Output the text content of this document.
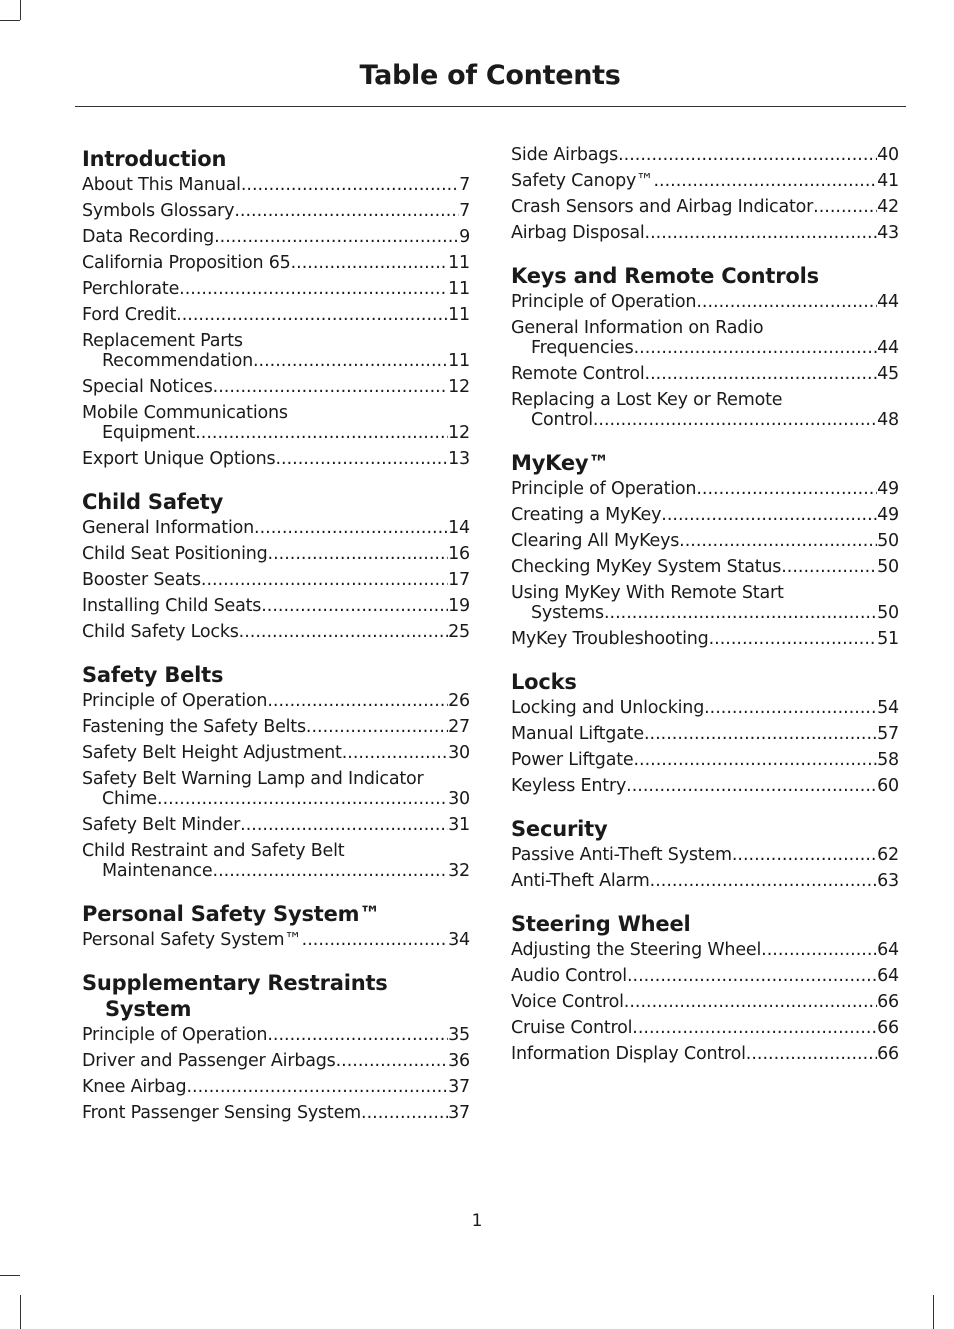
Table of Contents
Introduction
About This Manual .....	7
Symbols Glossary .....	7
Data Recording .....	9
California Proposition 65 .....	11
Perchlorate .....	11
Ford Credit .....	11
Replacement Parts
Recommendation .....	11
Special Notices .....	12
Mobile Communications
Equipment .....	12
Export Unique Options .....	13
Child Safety
General Information .....	14
Child Seat Positioning .....	16
Booster Seats .....	17
Installing Child Seats .....	19
Child Safety Locks .....	25
Safety Belts
Principle of Operation .....	26
Fastening the Safety Belts .....	27
Safety Belt Height Adjustment .....	30
Safety Belt Warning Lamp and Indicator
Chime .....	30
Safety Belt Minder .....	31
Child Restraint and Safety Belt
Maintenance .....	32
Personal Safety System™
Personal Safety System™ .....	34
Supplementary Restraints
System
Principle of Operation .....	35
Driver and Passenger Airbags .....	36
Knee Airbag .....	37
Front Passenger Sensing System .....	37
Side Airbags .....	40
Safety Canopy™ .....	41
Crash Sensors and Airbag Indicator .....	42
Airbag Disposal .....	43
Keys and Remote Controls
Principle of Operation .....	44
General Information on Radio
Frequencies .....	44
Remote Control .....	45
Replacing a Lost Key or Remote
Control .....	48
MyKey™
Principle of Operation .....	49
Creating a MyKey .....	49
Clearing All MyKeys .....	50
Checking MyKey System Status .....	50
Using MyKey With Remote Start
Systems .....	50
MyKey Troubleshooting .....	51
Locks
Locking and Unlocking .....	54
Manual Liftgate .....	57
Power Liftgate .....	58
Keyless Entry .....	60
Security
Passive Anti-Theft System .....	62
Anti-Theft Alarm .....	63
Steering Wheel
Adjusting the Steering Wheel .....	64
Audio Control .....	64
Voice Control .....	66
Cruise Control .....	66
Information Display Control .....	66
1
